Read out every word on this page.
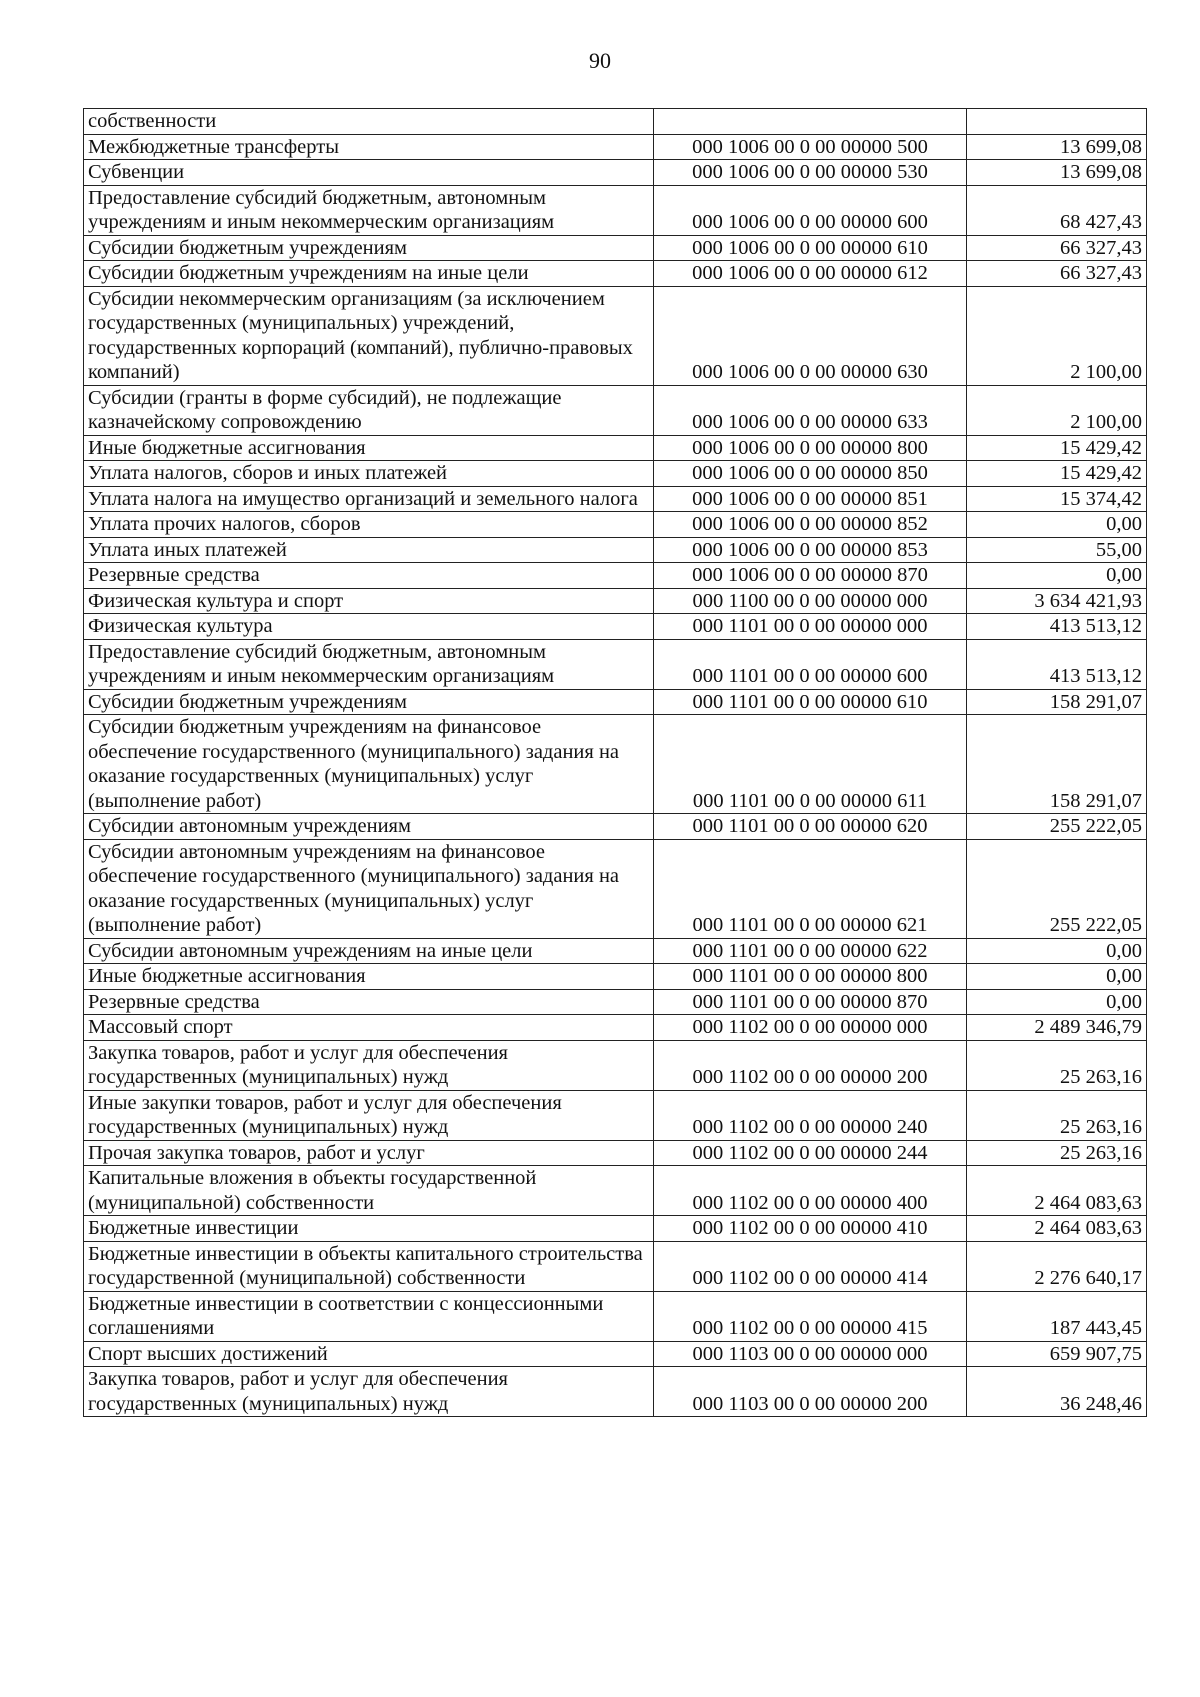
90
собственности		
Межбюджетные трансферты	000 1006 00 0 00 00000 500	13 699,08
Субвенции	000 1006 00 0 00 00000 530	13 699,08
Предоставление субсидий бюджетным, автономным учреждениям и иным некоммерческим организациям	000 1006 00 0 00 00000 600	68 427,43
Субсидии бюджетным учреждениям	000 1006 00 0 00 00000 610	66 327,43
Субсидии бюджетным учреждениям на иные цели	000 1006 00 0 00 00000 612	66 327,43
Субсидии некоммерческим организациям (за исключением государственных (муниципальных) учреждений, государственных корпораций (компаний), публично-правовых компаний)	000 1006 00 0 00 00000 630	2 100,00
Субсидии (гранты в форме субсидий), не подлежащие казначейскому сопровождению	000 1006 00 0 00 00000 633	2 100,00
Иные бюджетные ассигнования	000 1006 00 0 00 00000 800	15 429,42
Уплата налогов, сборов и иных платежей	000 1006 00 0 00 00000 850	15 429,42
Уплата налога на имущество организаций и земельного налога	000 1006 00 0 00 00000 851	15 374,42
Уплата прочих налогов, сборов	000 1006 00 0 00 00000 852	0,00
Уплата иных платежей	000 1006 00 0 00 00000 853	55,00
Резервные средства	000 1006 00 0 00 00000 870	0,00
Физическая культура и спорт	000 1100 00 0 00 00000 000	3 634 421,93
Физическая культура	000 1101 00 0 00 00000 000	413 513,12
Предоставление субсидий бюджетным, автономным учреждениям и иным некоммерческим организациям	000 1101 00 0 00 00000 600	413 513,12
Субсидии бюджетным учреждениям	000 1101 00 0 00 00000 610	158 291,07
Субсидии бюджетным учреждениям на финансовое обеспечение государственного (муниципального) задания на оказание государственных (муниципальных) услуг (выполнение работ)	000 1101 00 0 00 00000 611	158 291,07
Субсидии автономным учреждениям	000 1101 00 0 00 00000 620	255 222,05
Субсидии автономным учреждениям на финансовое обеспечение государственного (муниципального) задания на оказание государственных (муниципальных) услуг (выполнение работ)	000 1101 00 0 00 00000 621	255 222,05
Субсидии автономным учреждениям на иные цели	000 1101 00 0 00 00000 622	0,00
Иные бюджетные ассигнования	000 1101 00 0 00 00000 800	0,00
Резервные средства	000 1101 00 0 00 00000 870	0,00
Массовый спорт	000 1102 00 0 00 00000 000	2 489 346,79
Закупка товаров, работ и услуг для обеспечения государственных (муниципальных) нужд	000 1102 00 0 00 00000 200	25 263,16
Иные закупки товаров, работ и услуг для обеспечения государственных (муниципальных) нужд	000 1102 00 0 00 00000 240	25 263,16
Прочая закупка товаров, работ и услуг	000 1102 00 0 00 00000 244	25 263,16
Капитальные вложения в объекты государственной (муниципальной) собственности	000 1102 00 0 00 00000 400	2 464 083,63
Бюджетные инвестиции	000 1102 00 0 00 00000 410	2 464 083,63
Бюджетные инвестиции в объекты капитального строительства государственной (муниципальной) собственности	000 1102 00 0 00 00000 414	2 276 640,17
Бюджетные инвестиции в соответствии с концессионными соглашениями	000 1102 00 0 00 00000 415	187 443,45
Спорт высших достижений	000 1103 00 0 00 00000 000	659 907,75
Закупка товаров, работ и услуг для обеспечения государственных (муниципальных) нужд	000 1103 00 0 00 00000 200	36 248,46
